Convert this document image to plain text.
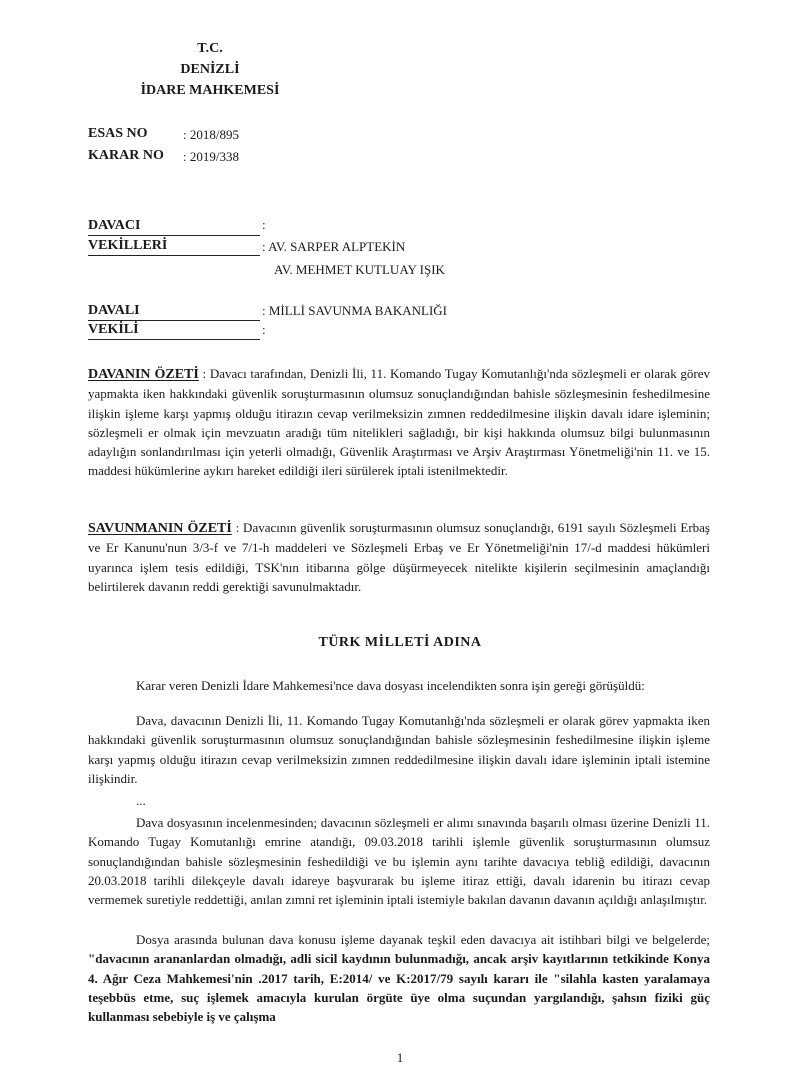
T.C.
DENİZLİ
İDARE MAHKEMESİ
ESAS NO	: 2018/895
KARAR NO : 2019/338
DAVACI	:
VEKİLLERİ	: AV. SARPER ALPTEKİN
AV. MEHMET KUTLUAY IŞIK
DAVALI	: MİLLİ SAVUNMA BAKANLIĞI
VEKİLİ	:
DAVANIN ÖZETİ : Davacı tarafından, Denizli İli, 11. Komando Tugay Komutanlığı'nda sözleşmeli er olarak görev yapmakta iken hakkındaki güvenlik soruşturmasının olumsuz sonuçlandığından bahisle sözleşmesinin feshedilmesine ilişkin işleme karşı yapmış olduğu itirazın cevap verilmeksizin zımnen reddedilmesine ilişkin davalı idare işleminin; sözleşmeli er olmak için mevzuatın aradığı tüm nitelikleri sağladığı, bir kişi hakkında olumsuz bilgi bulunmasının adaylığın sonlandırılması için yeterli olmadığı, Güvenlik Araştırması ve Arşiv Araştırması Yönetmeliği'nin 11. ve 15. maddesi hükümlerine aykırı hareket edildiği ileri sürülerek iptali istenilmektedir.
SAVUNMANIN ÖZETİ : Davacının güvenlik soruşturmasının olumsuz sonuçlandığı, 6191 sayılı Sözleşmeli Erbaş ve Er Kanunu'nun 3/3-f ve 7/1-h maddeleri ve Sözleşmeli Erbaş ve Er Yönetmeliği'nin 17/-d maddesi hükümleri uyarınca işlem tesis edildiği, TSK'nın itibarına gölge düşürmeyecek nitelikte kişilerin seçilmesinin amaçlandığı belirtilerek davanın reddi gerektiği savunulmaktadır.
TÜRK MİLLETİ ADINA
Karar veren Denizli İdare Mahkemesi'nce dava dosyası incelendikten sonra işin gereği görüşüldü:
Dava, davacının Denizli İli, 11. Komando Tugay Komutanlığı'nda sözleşmeli er olarak görev yapmakta iken hakkındaki güvenlik soruşturmasının olumsuz sonuçlandığından bahisle sözleşmesinin feshedilmesine ilişkin işleme karşı yapmış olduğu itirazın cevap verilmeksizin zımnen reddedilmesine ilişkin davalı idare işleminin iptali istemine ilişkindir.
...
Dava dosyasının incelenmesinden; davacının sözleşmeli er alımı sınavında başarılı olması üzerine Denizli 11. Komando Tugay Komutanlığı emrine atandığı, 09.03.2018 tarihli işlemle güvenlik soruşturmasının olumsuz sonuçlandığından bahisle sözleşmesinin feshedildiği ve bu işlemin aynı tarihte davacıya tebliğ edildiği, davacının 20.03.2018 tarihli dilekçeyle davalı idareye başvurarak bu işleme itiraz ettiği, davalı idarenin bu itirazı cevap vermemek suretiyle reddettiği, anılan zımni ret işleminin iptali istemiyle bakılan davanın davanın açıldığı anlaşılmıştır.
Dosya arasında bulunan dava konusu işleme dayanak teşkil eden davacıya ait istihbari bilgi ve belgelerde; "davacının arananlardan olmadığı, adli sicil kaydının bulunmadığı, ancak arşiv kayıtlarının tetkikinde Konya 4. Ağır Ceza Mahkemesi'nin .2017 tarih, E:2014/ ve K:2017/79 sayılı kararı ile "silahla kasten yaralamaya teşebbüs etme, suç işlemek amacıyla kurulan örgüte üye olma suçundan yargılandığı, şahsın fiziki güç kullanması sebebiyle iş ve çalışma
1
